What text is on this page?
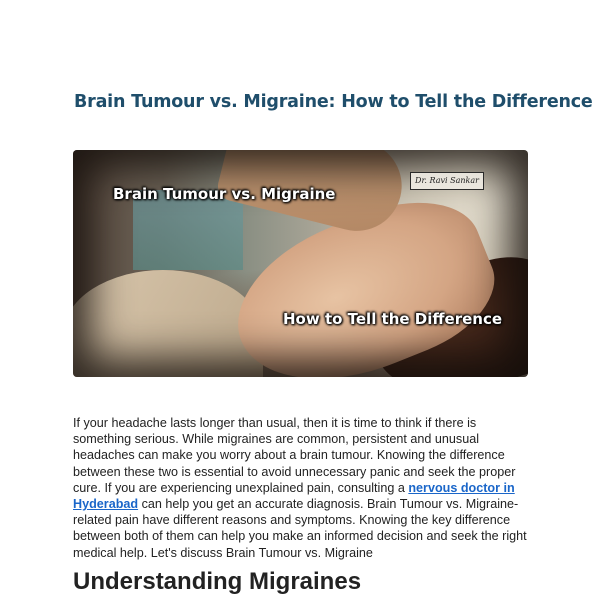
Brain Tumour vs. Migraine: How to Tell the Difference
Dr. Ravi Sankar
Brain Tumour vs. Migraine
How to Tell the Difference

If your headache lasts longer than usual, then it is time to think if there is something serious. While migraines are common, persistent and unusual headaches can make you worry about a brain tumour. Knowing the difference between these two is essential to avoid unnecessary panic and seek the proper cure. If you are experiencing unexplained pain, consulting a nervous doctor in Hyderabad can help you get an accurate diagnosis. Brain Tumour vs. Migraine-related pain have different reasons and symptoms. Knowing the key difference between both of them can help you make an informed decision and seek the right medical help. Let's discuss Brain Tumour vs. Migraine

Understanding Migraines
